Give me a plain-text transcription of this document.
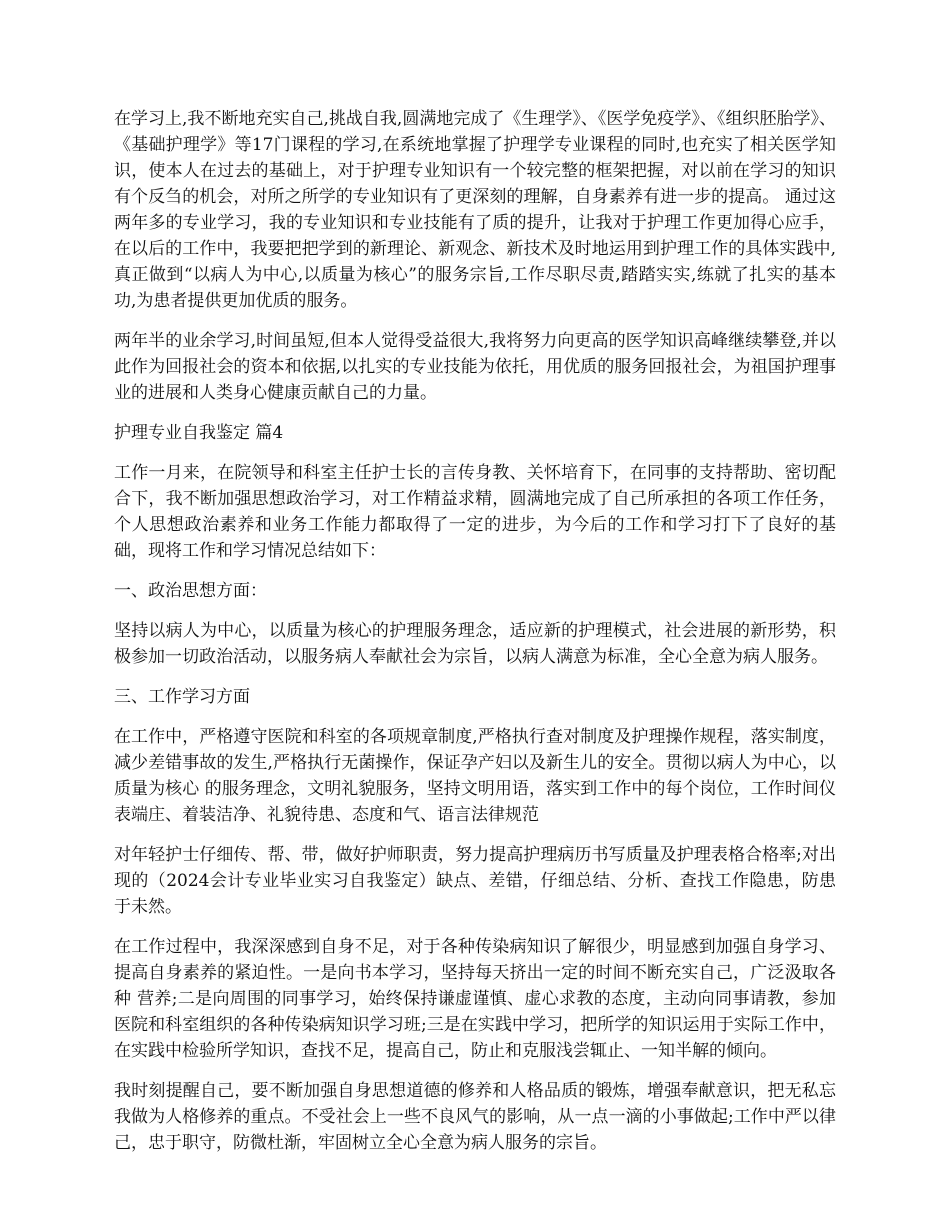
在学习上,我不断地充实自己,挑战自我,圆满地完成了《生理学》、《医学免疫学》、《组织胚胎学》、《基础护理学》等17门课程的学习,在系统地掌握了护理学专业课程的同时,也充实了相关医学知识，使本人在过去的基础上，对于护理专业知识有一个较完整的框架把握，对以前在学习的知识有个反刍的机会，对所之所学的专业知识有了更深刻的理解，自身素养有进一步的提高。 通过这两年多的专业学习，我的专业知识和专业技能有了质的提升，让我对于护理工作更加得心应手，在以后的工作中，我要把把学到的新理论、新观念、新技术及时地运用到护理工作的具体实践中,真正做到“以病人为中心,以质量为核心”的服务宗旨,工作尽职尽责,踏踏实实,练就了扎实的基本功,为患者提供更加优质的服务。

两年半的业余学习,时间虽短,但本人觉得受益很大,我将努力向更高的医学知识高峰继续攀登,并以此作为回报社会的资本和依据,以扎实的专业技能为依托，用优质的服务回报社会，为祖国护理事业的进展和人类身心健康贡献自己的力量。

护理专业自我鉴定 篇4

工作一月来，在院领导和科室主任护士长的言传身教、关怀培育下，在同事的支持帮助、密切配合下，我不断加强思想政治学习，对工作精益求精，圆满地完成了自己所承担的各项工作任务，个人思想政治素养和业务工作能力都取得了一定的进步，为今后的工作和学习打下了良好的基础，现将工作和学习情况总结如下：

一、政治思想方面：

坚持以病人为中心，以质量为核心的护理服务理念，适应新的护理模式，社会进展的新形势，积极参加一切政治活动，以服务病人奉献社会为宗旨，以病人满意为标准，全心全意为病人服务。

三、工作学习方面

在工作中，严格遵守医院和科室的各项规章制度,严格执行查对制度及护理操作规程，落实制度，减少差错事故的发生,严格执行无菌操作，保证孕产妇以及新生儿的安全。贯彻以病人为中心，以质量为核心 的服务理念，文明礼貌服务，坚持文明用语，落实到工作中的每个岗位，工作时间仪表端庄、着装洁净、礼貌待患、态度和气、语言法律规范

对年轻护士仔细传、帮、带，做好护师职责，努力提高护理病历书写质量及护理表格合格率;对出现的（2024会计专业毕业实习自我鉴定）缺点、差错，仔细总结、分析、查找工作隐患，防患于未然。

在工作过程中，我深深感到自身不足，对于各种传染病知识了解很少，明显感到加强自身学习、提高自身素养的紧迫性。一是向书本学习，坚持每天挤出一定的时间不断充实自己，广泛汲取各种 营养;二是向周围的同事学习，始终保持谦虚谨慎、虚心求教的态度，主动向同事请教，参加医院和科室组织的各种传染病知识学习班;三是在实践中学习，把所学的知识运用于实际工作中，在实践中检验所学知识，查找不足，提高自己，防止和克服浅尝辄止、一知半解的倾向。

我时刻提醒自己，要不断加强自身思想道德的修养和人格品质的锻炼，增强奉献意识，把无私忘我做为人格修养的重点。不受社会上一些不良风气的影响，从一点一滴的小事做起;工作中严以律己，忠于职守，防微杜渐，牢固树立全心全意为病人服务的宗旨。
